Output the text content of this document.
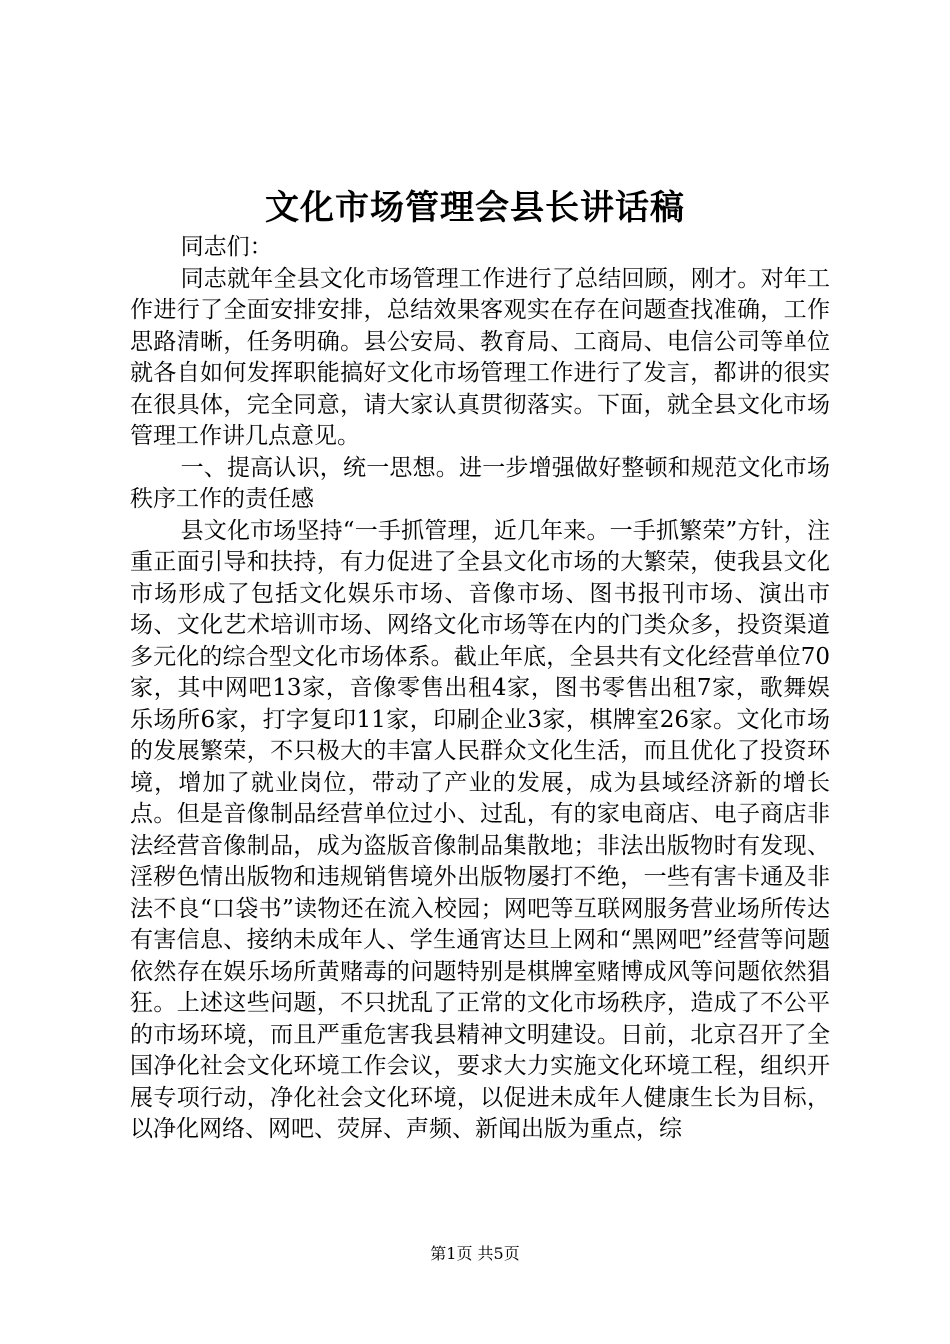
文化市场管理会县长讲话稿

同志们：

同志就年全县文化市场管理工作进行了总结回顾，刚才。对年工作进行了全面安排安排，总结效果客观实在存在问题查找准确，工作思路清晰，任务明确。县公安局、教育局、工商局、电信公司等单位就各自如何发挥职能搞好文化市场管理工作进行了发言，都讲的很实在很具体，完全同意，请大家认真贯彻落实。下面，就全县文化市场管理工作讲几点意见。

一、提高认识，统一思想。进一步增强做好整顿和规范文化市场秩序工作的责任感

县文化市场坚持“一手抓管理，近几年来。一手抓繁荣”方针，注重正面引导和扶持，有力促进了全县文化市场的大繁荣，使我县文化市场形成了包括文化娱乐市场、音像市场、图书报刊市场、演出市场、文化艺术培训市场、网络文化市场等在内的门类众多，投资渠道多元化的综合型文化市场体系。截止年底，全县共有文化经营单位70家，其中网吧13家，音像零售出租4家，图书零售出租7家，歌舞娱乐场所6家，打字复印11家，印刷企业3家，棋牌室26家。文化市场的发展繁荣，不只极大的丰富人民群众文化生活，而且优化了投资环境，增加了就业岗位，带动了产业的发展，成为县域经济新的增长点。但是音像制品经营单位过小、过乱，有的家电商店、电子商店非法经营音像制品，成为盗版音像制品集散地；非法出版物时有发现、淫秽色情出版物和违规销售境外出版物屡打不绝，一些有害卡通及非法不良“口袋书”读物还在流入校园；网吧等互联网服务营业场所传达有害信息、接纳未成年人、学生通宵达旦上网和“黑网吧”经营等问题依然存在娱乐场所黄赌毒的问题特别是棋牌室赌博成风等问题依然猖狂。上述这些问题，不只扰乱了正常的文化市场秩序，造成了不公平的市场环境，而且严重危害我县精神文明建设。日前，北京召开了全国净化社会文化环境工作会议，要求大力实施文化环境工程，组织开展专项行动，净化社会文化环境，以促进未成年人健康生长为目标，以净化网络、网吧、荧屏、声频、新闻出版为重点，综

第1页 共5页
